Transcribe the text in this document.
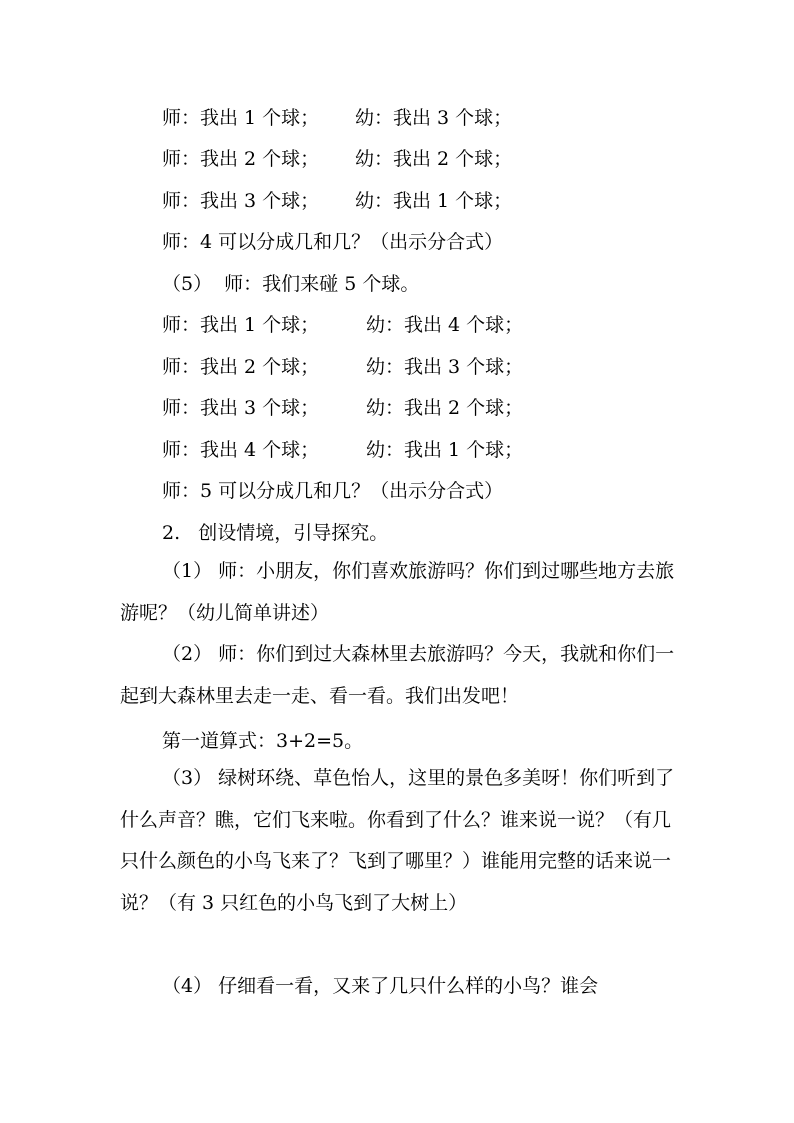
师：我出 1 个球； 幼：我出 3 个球；
师：我出 2 个球； 幼：我出 2 个球；
师：我出 3 个球； 幼：我出 1 个球；
师：4 可以分成几和几？（出示分合式）
（5）  师：我们来碰 5 个球。
师：我出 1 个球； 幼：我出 4 个球；
师：我出 2 个球； 幼：我出 3 个球；
师：我出 3 个球； 幼：我出 2 个球；
师：我出 4 个球； 幼：我出 1 个球；
师：5 可以分成几和几？（出示分合式）
2.   创设情境，引导探究。
（1） 师：小朋友，你们喜欢旅游吗？你们到过哪些地方去旅游呢？（幼儿简单讲述）
（2） 师：你们到过大森林里去旅游吗？今天，我就和你们一起到大森林里去走一走、看一看。我们出发吧！
第一道算式：3+2=5。
（3） 绿树环绕、草色怡人，这里的景色多美呀！你们听到了什么声音？瞧，它们飞来啦。你看到了什么？谁来说一说？（有几只什么颜色的小鸟飞来了？飞到了哪里？）谁能用完整的话来说一说？（有 3 只红色的小鸟飞到了大树上）
（4） 仔细看一看，又来了几只什么样的小鸟？谁会
